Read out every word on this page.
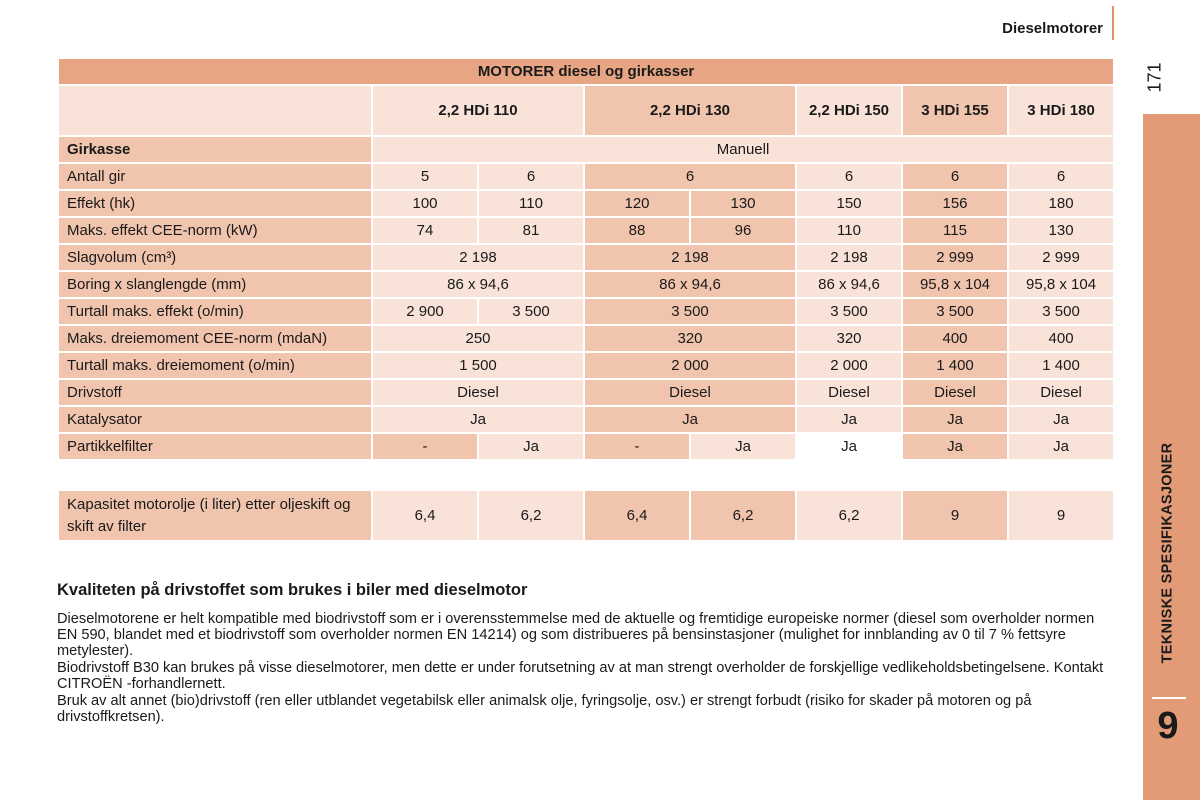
Dieselmotorer
171
TEKNISKE SPESIFIKASJONER
9
MOTORER diesel og girkasser							
	2,2 HDi 110		2,2 HDi 130		2,2 HDi 150	3 HDi 155	3 HDi 180
Girkasse	Manuell						
Antall gir	5	6	6		6	6	6
Effekt (hk)	100	110	120	130	150	156	180
Maks. effekt CEE-norm (kW)	74	81	88	96	110	115	130
Slagvolum (cm³)	2 198		2 198		2 198	2 999	2 999
Boring x slanglengde (mm)	86 x 94,6		86 x 94,6		86 x 94,6	95,8 x 104	95,8 x 104
Turtall maks. effekt (o/min)	2 900	3 500	3 500		3 500	3 500	3 500
Maks. dreiemoment CEE-norm (mdaN)	250		320		320	400	400
Turtall maks. dreiemoment (o/min)	1 500		2 000		2 000	1 400	1 400
Drivstoff	Diesel		Diesel		Diesel	Diesel	Diesel
Katalysator	Ja		Ja		Ja	Ja	Ja
Partikkelfilter	-	Ja	-	Ja	Ja	Ja	Ja

Kapasitet motorolje (i liter) etter oljeskift og skift av filter	6,4	6,2	6,4	6,2	6,2	9	9
Kvaliteten på drivstoffet som brukes i biler med dieselmotor

Dieselmotorene er helt kompatible med biodrivstoff som er i overensstemmelse med de aktuelle og fremtidige europeiske normer (diesel som overholder normen EN 590, blandet med et biodrivstoff som overholder normen EN 14214) og som distribueres på bensinstasjoner (mulighet for innblanding av 0 til 7 % fettsyre metylester).

Biodrivstoff B30 kan brukes på visse dieselmotorer, men dette er under forutsetning av at man strengt overholder de forskjellige vedlikeholdsbetingelsene. Kontakt CITROËN -forhandlernett.

Bruk av alt annet (bio)drivstoff (ren eller utblandet vegetabilsk eller animalsk olje, fyringsolje, osv.) er strengt forbudt (risiko for skader på motoren og på drivstoffkretsen).
